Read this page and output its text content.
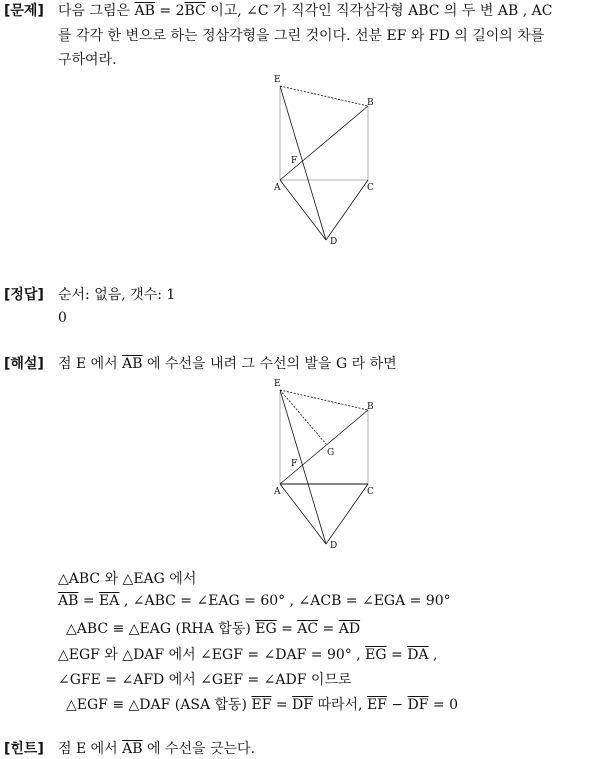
[문제] 다음 그림은 $\overline{AB} = 2\overline{BC}$ 이고, ∠C 가 직각인 직각삼각형 ABC 의 두 변 AB , AC
를 각각 한 변으로 하는 정삼각형을 그린 것이다. 선분 EF 와 FD 의 길이의 차를
구하여라.
E
B
F
A	C
D
[정답] 순서: 없음, 갯수: 1
0
[해설] 점 E 에서 $\overline{AB}$ 에 수선을 내려 그 수선의 발을 G 라 하면
E
B
G
F
A	C
D
△ABC 와 △EAG 에서
$\overline{AB} = \overline{EA}$ , ∠ABC = ∠EAG = 60° , ∠ACB = ∠EGA = 90°
△ABC ≡ △EAG (RHA 합동) $\overline{EG} = \overline{AC} = \overline{AD}$
△EGF 와 △DAF 에서 ∠EGF = ∠DAF = 90° , $\overline{EG} = \overline{DA}$ ,
∠GFE = ∠AFD 에서 ∠GEF = ∠ADF 이므로
△EGF ≡ △DAF (ASA 합동) $\overline{EF} = \overline{DF}$ 따라서, $\overline{EF} - \overline{DF} = 0$
[힌트] 점 E 에서 $\overline{AB}$ 에 수선을 긋는다.
